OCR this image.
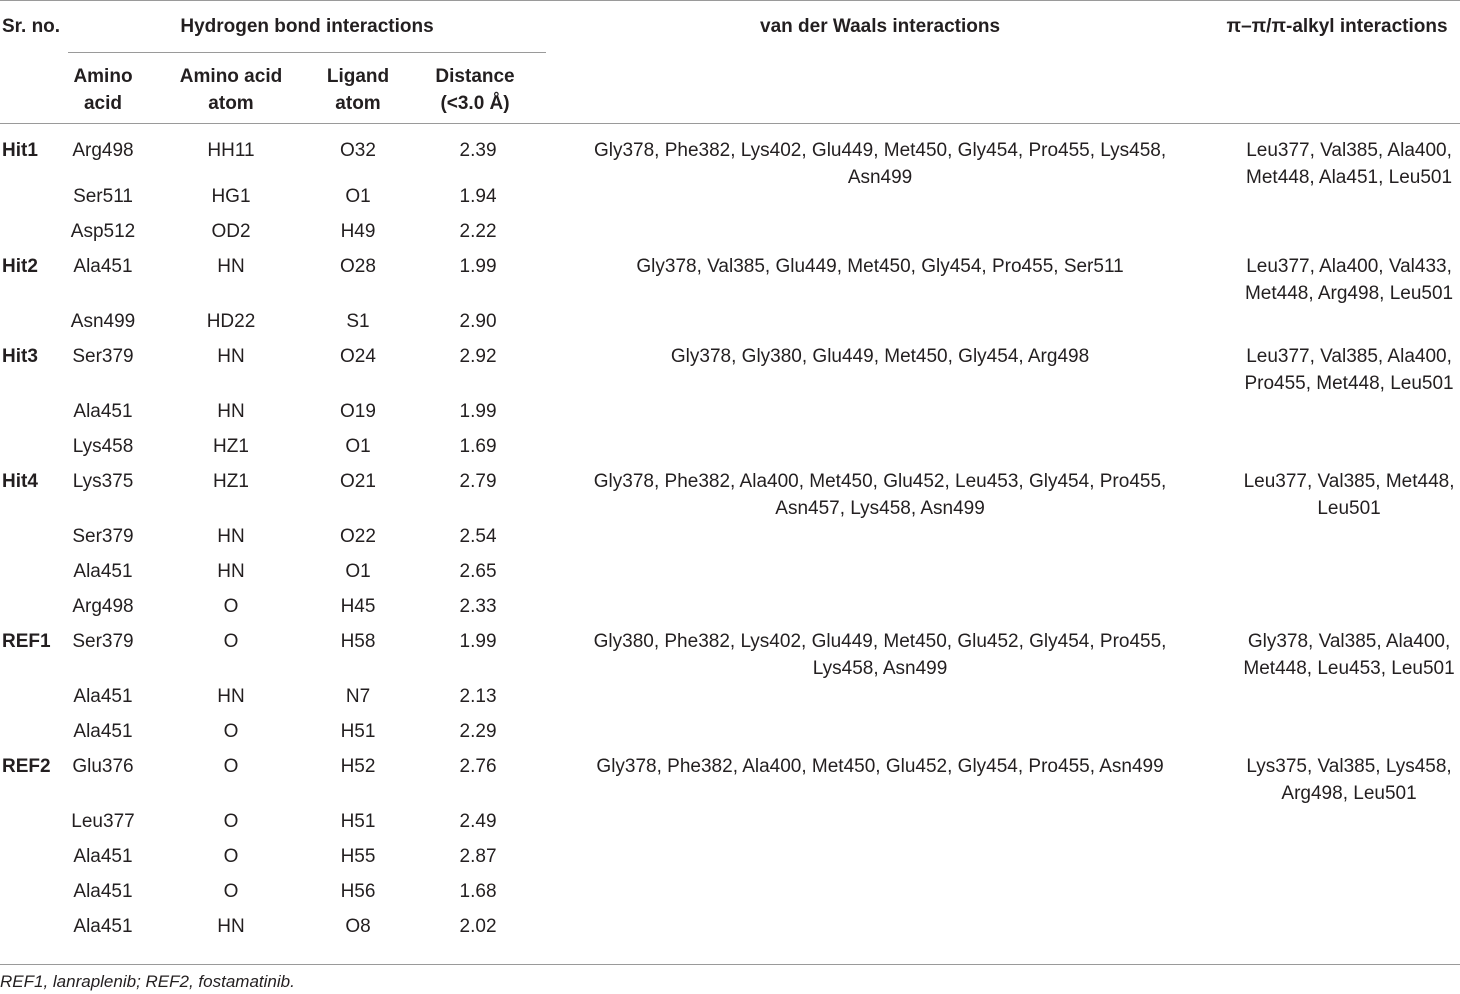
Sr. no.	Hydrogen bond interactions				van der Waals interactions	π–π/π-alkyl interactions
	Amino acid	Amino acid atom	Ligand atom	Distance (<3.0 Å)		

Hit1	Arg498	HH11	O32	2.39	Gly378, Phe382, Lys402, Glu449, Met450, Gly454, Pro455, Lys458, Asn499	Leu377, Val385, Ala400, Met448, Ala451, Leu501
	Ser511	HG1	O1	1.94		
	Asp512	OD2	H49	2.22		
Hit2	Ala451	HN	O28	1.99	Gly378, Val385, Glu449, Met450, Gly454, Pro455, Ser511	Leu377, Ala400, Val433, Met448, Arg498, Leu501
	Asn499	HD22	S1	2.90		
Hit3	Ser379	HN	O24	2.92	Gly378, Gly380, Glu449, Met450, Gly454, Arg498	Leu377, Val385, Ala400, Pro455, Met448, Leu501
	Ala451	HN	O19	1.99		
	Lys458	HZ1	O1	1.69		
Hit4	Lys375	HZ1	O21	2.79	Gly378, Phe382, Ala400, Met450, Glu452, Leu453, Gly454, Pro455, Asn457, Lys458, Asn499	Leu377, Val385, Met448, Leu501
	Ser379	HN	O22	2.54		
	Ala451	HN	O1	2.65		
	Arg498	O	H45	2.33		
REF1	Ser379	O	H58	1.99	Gly380, Phe382, Lys402, Glu449, Met450, Glu452, Gly454, Pro455, Lys458, Asn499	Gly378, Val385, Ala400, Met448, Leu453, Leu501
	Ala451	HN	N7	2.13		
	Ala451	O	H51	2.29		
REF2	Glu376	O	H52	2.76	Gly378, Phe382, Ala400, Met450, Glu452, Gly454, Pro455, Asn499	Lys375, Val385, Lys458, Arg498, Leu501
	Leu377	O	H51	2.49		
	Ala451	O	H55	2.87		
	Ala451	O	H56	1.68		
	Ala451	HN	O8	2.02		
REF1, lanraplenib; REF2, fostamatinib.
